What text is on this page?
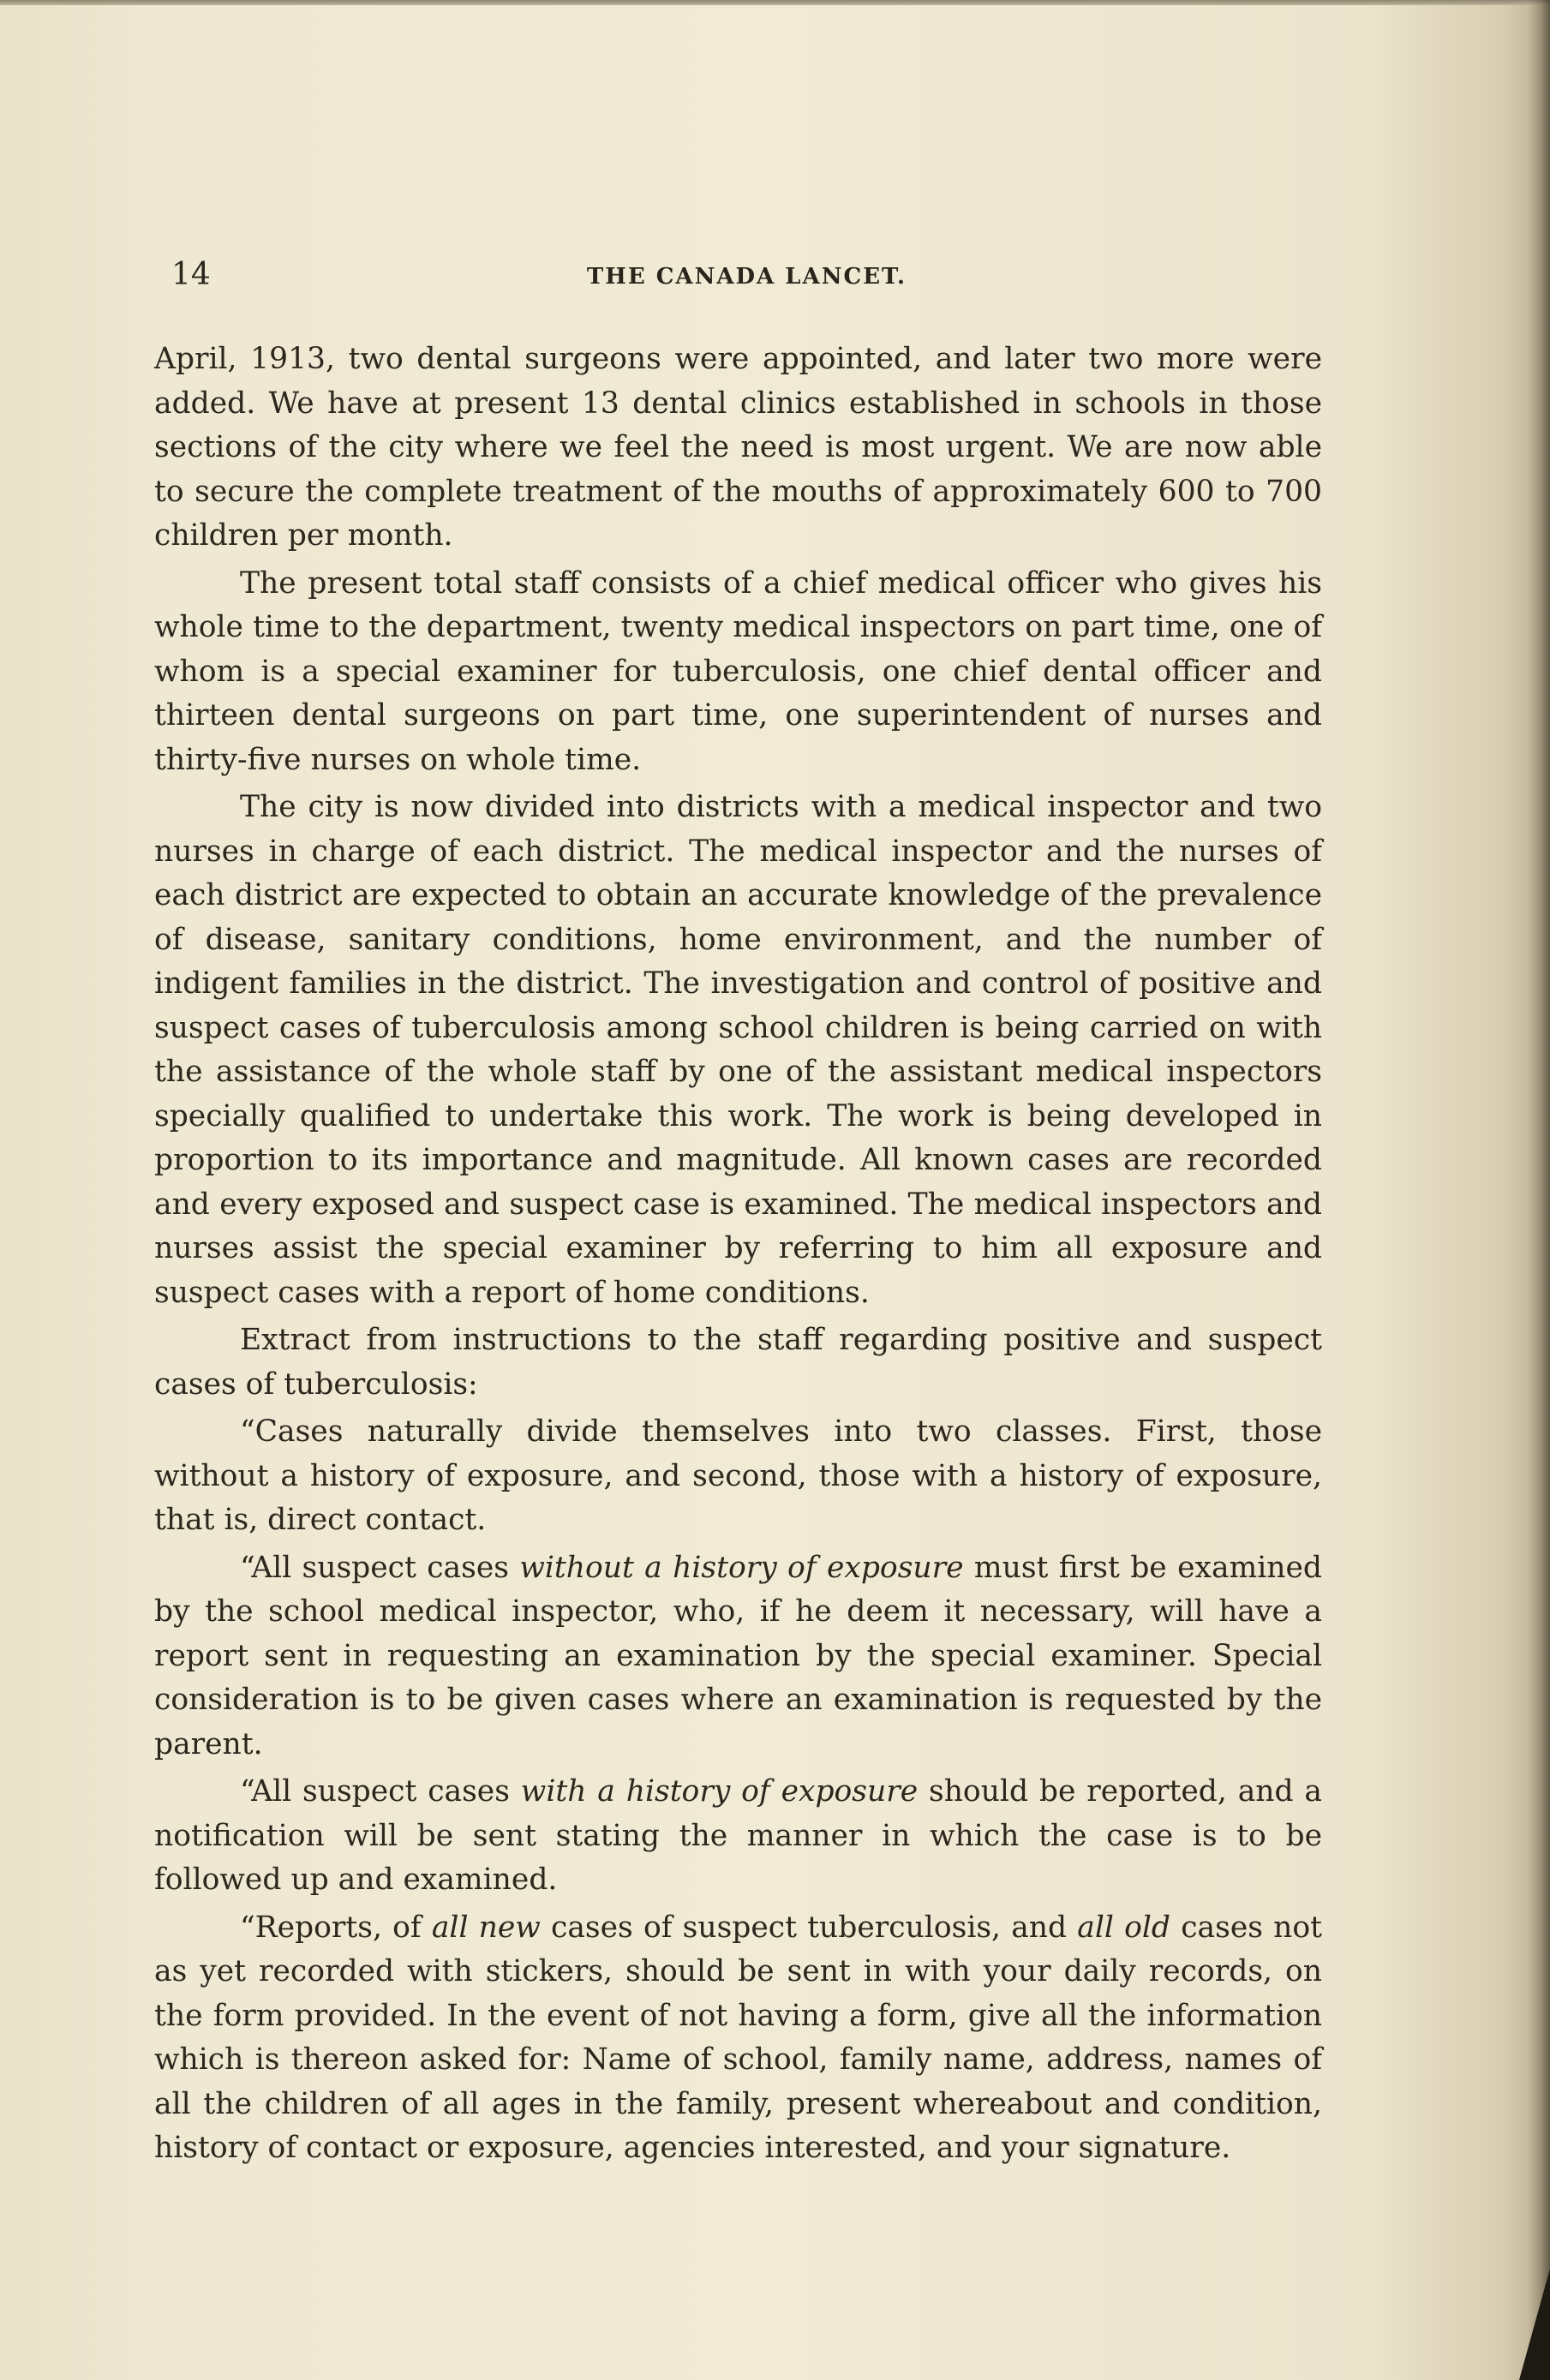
14	THE CANADA LANCET.

April, 1913, two dental surgeons were appointed, and later two more were added. We have at present 13 dental clinics established in schools in those sections of the city where we feel the need is most urgent. We are now able to secure the complete treatment of the mouths of approximately 600 to 700 children per month.

The present total staff consists of a chief medical officer who gives his whole time to the department, twenty medical inspectors on part time, one of whom is a special examiner for tuberculosis, one chief dental officer and thirteen dental surgeons on part time, one superintendent of nurses and thirty-five nurses on whole time.

The city is now divided into districts with a medical inspector and two nurses in charge of each district. The medical inspector and the nurses of each district are expected to obtain an accurate knowledge of the prevalence of disease, sanitary conditions, home environment, and the number of indigent families in the district. The investigation and control of positive and suspect cases of tuberculosis among school children is being carried on with the assistance of the whole staff by one of the assistant medical inspectors specially qualified to undertake this work. The work is being developed in proportion to its importance and magnitude. All known cases are recorded and every exposed and suspect case is examined. The medical inspectors and nurses assist the special examiner by referring to him all exposure and suspect cases with a report of home conditions.

Extract from instructions to the staff regarding positive and suspect cases of tuberculosis:

“Cases naturally divide themselves into two classes. First, those without a history of exposure, and second, those with a history of exposure, that is, direct contact.

“All suspect cases without a history of exposure must first be examined by the school medical inspector, who, if he deem it necessary, will have a report sent in requesting an examination by the special examiner. Special consideration is to be given cases where an examination is requested by the parent.

“All suspect cases with a history of exposure should be reported, and a notification will be sent stating the manner in which the case is to be followed up and examined.

“Reports, of all new cases of suspect tuberculosis, and all old cases not as yet recorded with stickers, should be sent in with your daily records, on the form provided. In the event of not having a form, give all the information which is thereon asked for: Name of school, family name, address, names of all the children of all ages in the family, present whereabout and condition, history of contact or exposure, agencies interested, and your signature.
